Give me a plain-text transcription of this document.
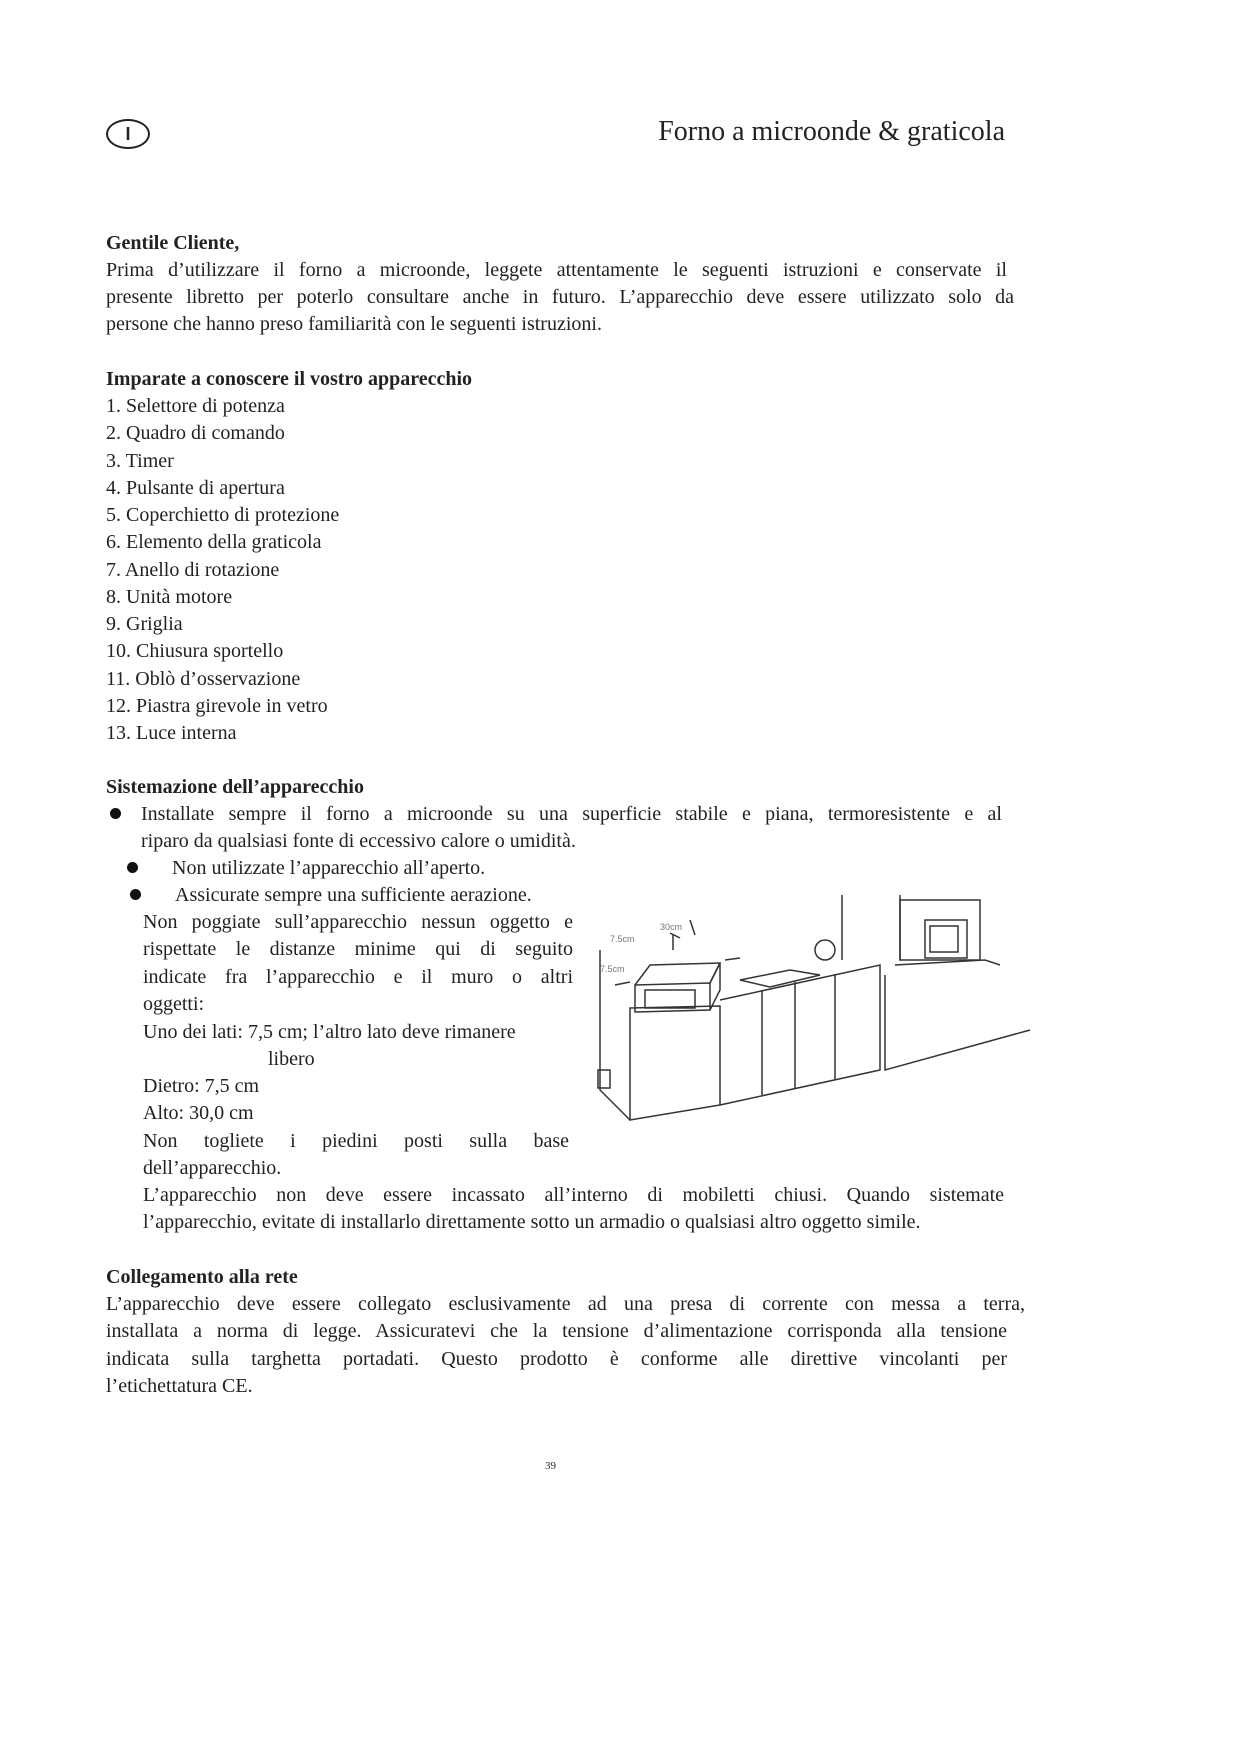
I	Forno a microonde & graticola
Gentile Cliente,
Prima d’utilizzare il forno a microonde, leggete attentamente le seguenti istruzioni e conservate il
presente libretto per poterlo consultare anche in futuro. L’apparecchio deve essere utilizzato solo da
persone che hanno preso familiarità con le seguenti istruzioni.
Imparate a conoscere il vostro apparecchio
1. Selettore di potenza
2. Quadro di comando
3. Timer
4. Pulsante di apertura
5. Coperchietto di protezione
6. Elemento della graticola
7. Anello di rotazione
8. Unità motore
9. Griglia
10. Chiusura sportello
11. Oblò d’osservazione
12. Piastra girevole in vetro
13. Luce interna
Sistemazione dell’apparecchio
Installate sempre il forno a microonde su una superficie stabile e piana, termoresistente e al
riparo da qualsiasi fonte di eccessivo calore o umidità.
Non utilizzate l’apparecchio all’aperto.
Assicurate sempre una sufficiente aerazione.
Non poggiate sull’apparecchio nessun oggetto e
rispettate le distanze minime qui di seguito
indicate fra l’apparecchio e il muro o altri
oggetti:
Uno dei lati: 7,5 cm; l’altro lato deve rimanere
libero
Dietro: 7,5 cm
Alto: 30,0 cm
Non togliete i piedini posti sulla base
dell’apparecchio.
L’apparecchio non deve essere incassato all’interno di mobiletti chiusi. Quando sistemate
l’apparecchio, evitate di installarlo direttamente sotto un armadio o qualsiasi altro oggetto simile.
Collegamento alla rete
L’apparecchio deve essere collegato esclusivamente ad una presa di corrente con messa a terra,
installata a norma di legge. Assicuratevi che la tensione d’alimentazione corrisponda alla tensione
indicata sulla targhetta portadati. Questo prodotto è conforme alle direttive vincolanti per
l’etichettatura CE.
7.5cm
7.5cm
30cm
39
